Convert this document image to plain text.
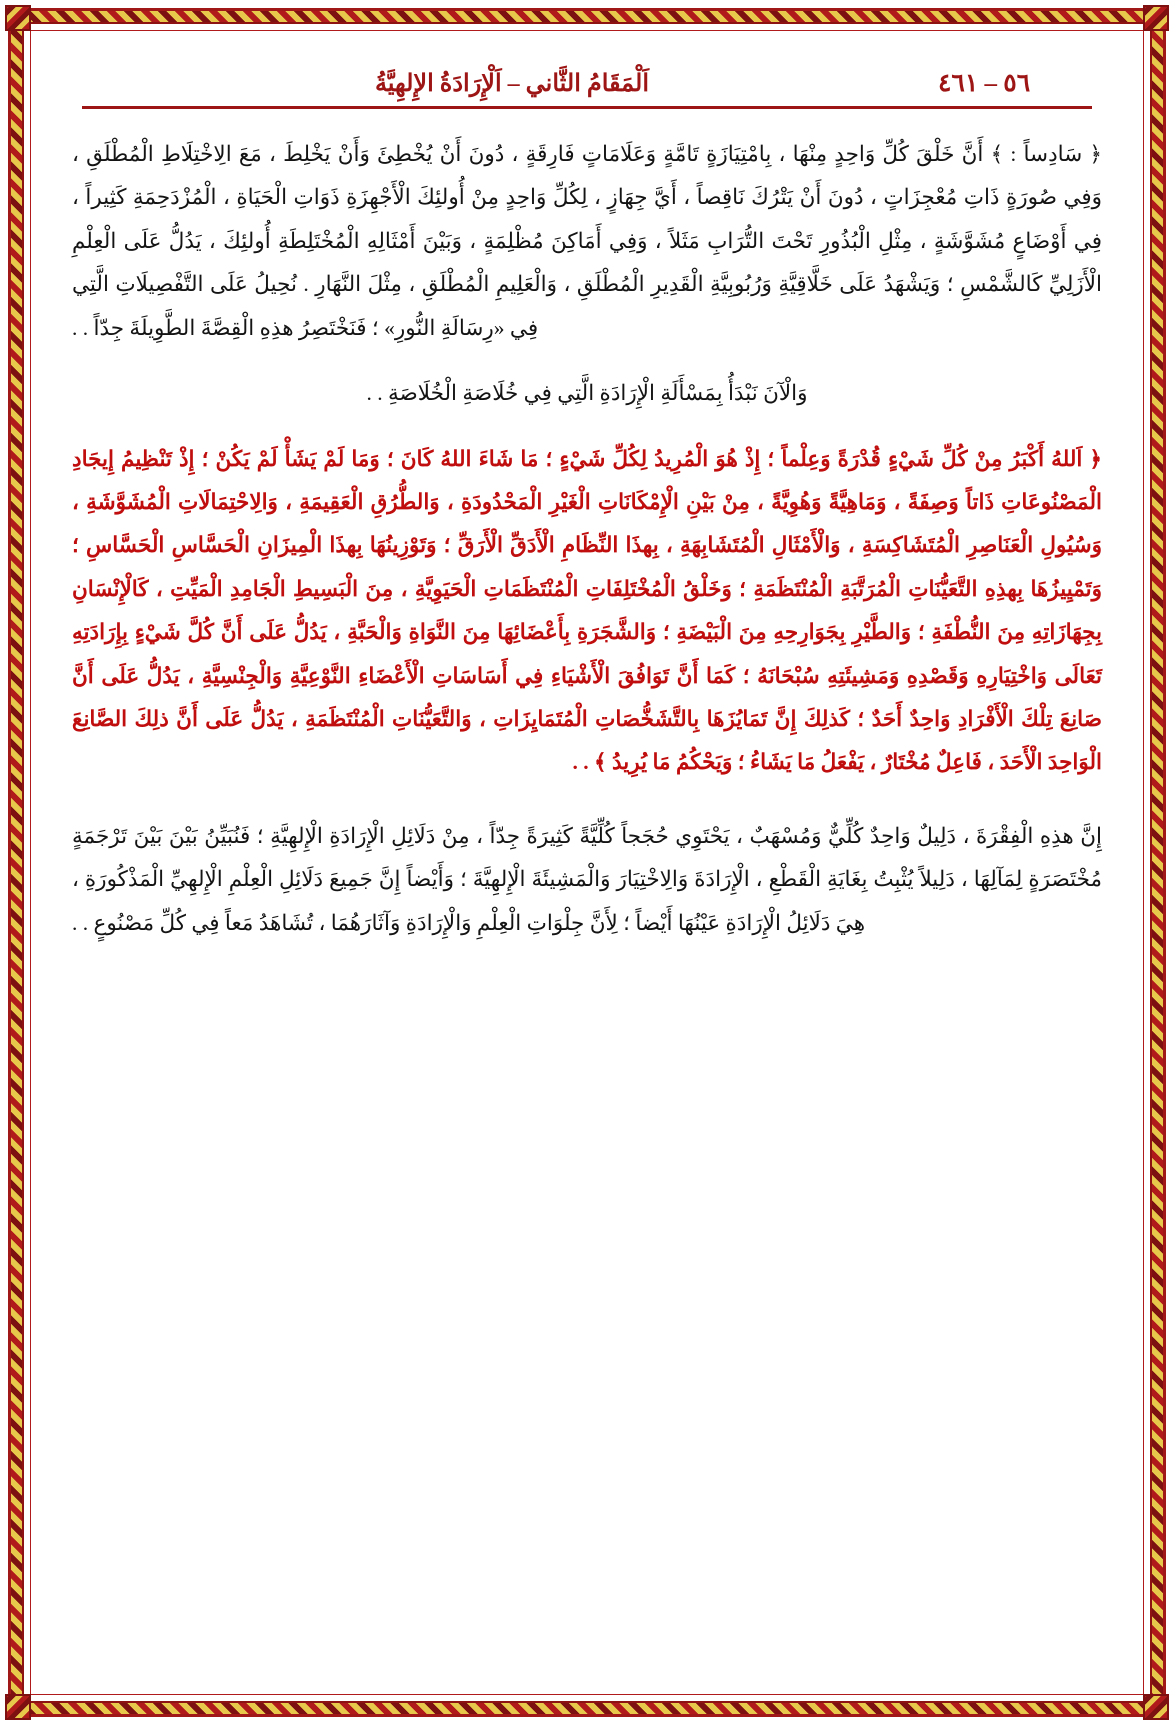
اَلْمَقَامُ الثَّاني – اَلْإِرَادَةُ الإِلهِيَّةُ	٥٦ – ٤٦١

﴿ سَادِساً : ﴾ أَنَّ خَلْقَ كُلِّ وَاحِدٍ مِنْهَا ، بِامْتِيَازَةٍ تَامَّةٍ وَعَلَامَاتٍ فَارِقَةٍ ، دُونَ أَنْ يُخْطِئَ وَأَنْ يَخْلِطَ ، مَعَ الِاخْتِلَاطِ الْمُطْلَقِ ، وَفِي صُورَةٍ ذَاتِ مُعْجِزَاتٍ ، دُونَ أَنْ يَتْرُكَ نَاقِصاً ، أَيَّ جِهَازٍ ، لِكُلِّ وَاحِدٍ مِنْ أُولئِكَ الْأَجْهِزَةِ ذَوَاتِ الْحَيَاةِ ، الْمُزْدَحِمَةِ كَثِيراً ، فِي أَوْضَاعٍ مُشَوَّشَةٍ ، مِثْلِ الْبُذُورِ تَحْتَ التُّرَابِ مَثَلاً ، وَفِي أَمَاكِنَ مُظْلِمَةٍ ، وَبَيْنَ أَمْثَالِهِ الْمُخْتَلِطَةِ أُولئِكَ ، يَدُلُّ عَلَى الْعِلْمِ الْأَزَلِيِّ كَالشَّمْسِ ؛ وَيَشْهَدُ عَلَى خَلَّاقِيَّةِ وَرُبُوبِيَّةِ الْقَدِيرِ الْمُطْلَقِ ، وَالْعَلِيمِ الْمُطْلَقِ ، مِثْلَ النَّهَارِ . نُحِيلُ عَلَى التَّفْصِيلَاتِ الَّتِي فِي «رِسَالَةِ النُّورِ» ؛ فَنَخْتَصِرُ هذِهِ الْقِصَّةَ الطَّوِيلَةَ جِدّاً . .

وَالْآنَ نَبْدَأُ بِمَسْأَلَةِ الْإِرَادَةِ الَّتِي فِي خُلَاصَةِ الْخُلَاصَةِ . .

﴿ اَللهُ أَكْبَرُ مِنْ كُلِّ شَيْءٍ قُدْرَةً وَعِلْماً ؛ إِذْ هُوَ الْمُرِيدُ لِكُلِّ شَيْءٍ ؛ مَا شَاءَ اللهُ كَانَ ؛ وَمَا لَمْ يَشَأْ لَمْ يَكُنْ ؛ إِذْ تَنْظِيمُ إِيجَادِ الْمَصْنُوعَاتِ ذَاتاً وَصِفَةً ، وَمَاهِيَّةً وَهُوِيَّةً ، مِنْ بَيْنِ الْإِمْكَانَاتِ الْغَيْرِ الْمَحْدُودَةِ ، وَالطُّرُقِ الْعَقِيمَةِ ، وَالِاحْتِمَالَاتِ الْمُشَوَّشَةِ ، وَسُيُولِ الْعَنَاصِرِ الْمُتَشَاكِسَةِ ، وَالْأَمْثَالِ الْمُتَشَابِهَةِ ، بِهذَا النِّظَامِ الْأَدَقِّ الْأَرَقِّ ؛ وَتَوْزِينُهَا بِهذَا الْمِيزَانِ الْحَسَّاسِ الْحَسَّاسِ ؛ وَتَمْيِيزُهَا بِهذِهِ التَّعَيُّنَاتِ الْمُرَتَّبَةِ الْمُنْتَظَمَةِ ؛ وَخَلْقُ الْمُخْتَلِفَاتِ الْمُنْتَظَمَاتِ الْحَيَوِيَّةِ ، مِنَ الْبَسِيطِ الْجَامِدِ الْمَيِّتِ ، كَالْإِنْسَانِ بِجِهَازَاتِهِ مِنَ النُّطْفَةِ ؛ وَالطَّيْرِ بِجَوَارِحِهِ مِنَ الْبَيْضَةِ ؛ وَالشَّجَرَةِ بِأَعْضَائِهَا مِنَ النَّوَاةِ وَالْحَبَّةِ ، يَدُلُّ عَلَى أَنَّ كُلَّ شَيْءٍ بِإِرَادَتِهِ تَعَالَى وَاخْتِيَارِهِ وَقَصْدِهِ وَمَشِيئَتِهِ سُبْحَانَهُ ؛ كَمَا أَنَّ تَوَافُقَ الْأَشْيَاءِ فِي أَسَاسَاتِ الْأَعْضَاءِ النَّوْعِيَّةِ وَالْجِنْسِيَّةِ ، يَدُلُّ عَلَى أَنَّ صَانِعَ تِلْكَ الْأَفْرَادِ وَاحِدٌ أَحَدٌ ؛ كَذلِكَ إِنَّ تَمَايُزَهَا بِالتَّشَخُّصَاتِ الْمُتَمَايِزَاتِ ، وَالتَّعَيُّنَاتِ الْمُنْتَظَمَةِ ، يَدُلُّ عَلَى أَنَّ ذلِكَ الصَّانِعَ الْوَاحِدَ الْأَحَدَ ، فَاعِلٌ مُخْتَارٌ ، يَفْعَلُ مَا يَشَاءُ ؛ وَيَحْكُمُ مَا يُرِيدُ ﴾ . .

إِنَّ هذِهِ الْفِقْرَةَ ، دَلِيلٌ وَاحِدٌ كُلِّيٌّ وَمُسْهَبٌ ، يَحْتَوِي حُجَجاً كُلِّيَّةً كَثِيرَةً جِدّاً ، مِنْ دَلَائِلِ الْإِرَادَةِ الْإِلهِيَّةِ ؛ فَنُبَيِّنُ بَيْنَ بَيْنَ تَرْجَمَةٍ مُخْتَصَرَةٍ لِمَآلِهَا ، دَلِيلاً يُثْبِتُ بِغَايَةِ الْقَطْعِ ، الْإِرَادَةَ وَالِاخْتِيَارَ وَالْمَشِيئَةَ الْإِلهِيَّةَ ؛ وَأَيْضاً إِنَّ جَمِيعَ دَلَائِلِ الْعِلْمِ الْإِلهِيِّ الْمَذْكُورَةِ ، هِيَ دَلَائِلُ الْإِرَادَةِ عَيْنُهَا أَيْضاً ؛ لِأَنَّ جِلْوَاتِ الْعِلْمِ وَالْإِرَادَةِ وَآثَارَهُمَا ، تُشَاهَدُ مَعاً فِي كُلِّ مَصْنُوعٍ . .
